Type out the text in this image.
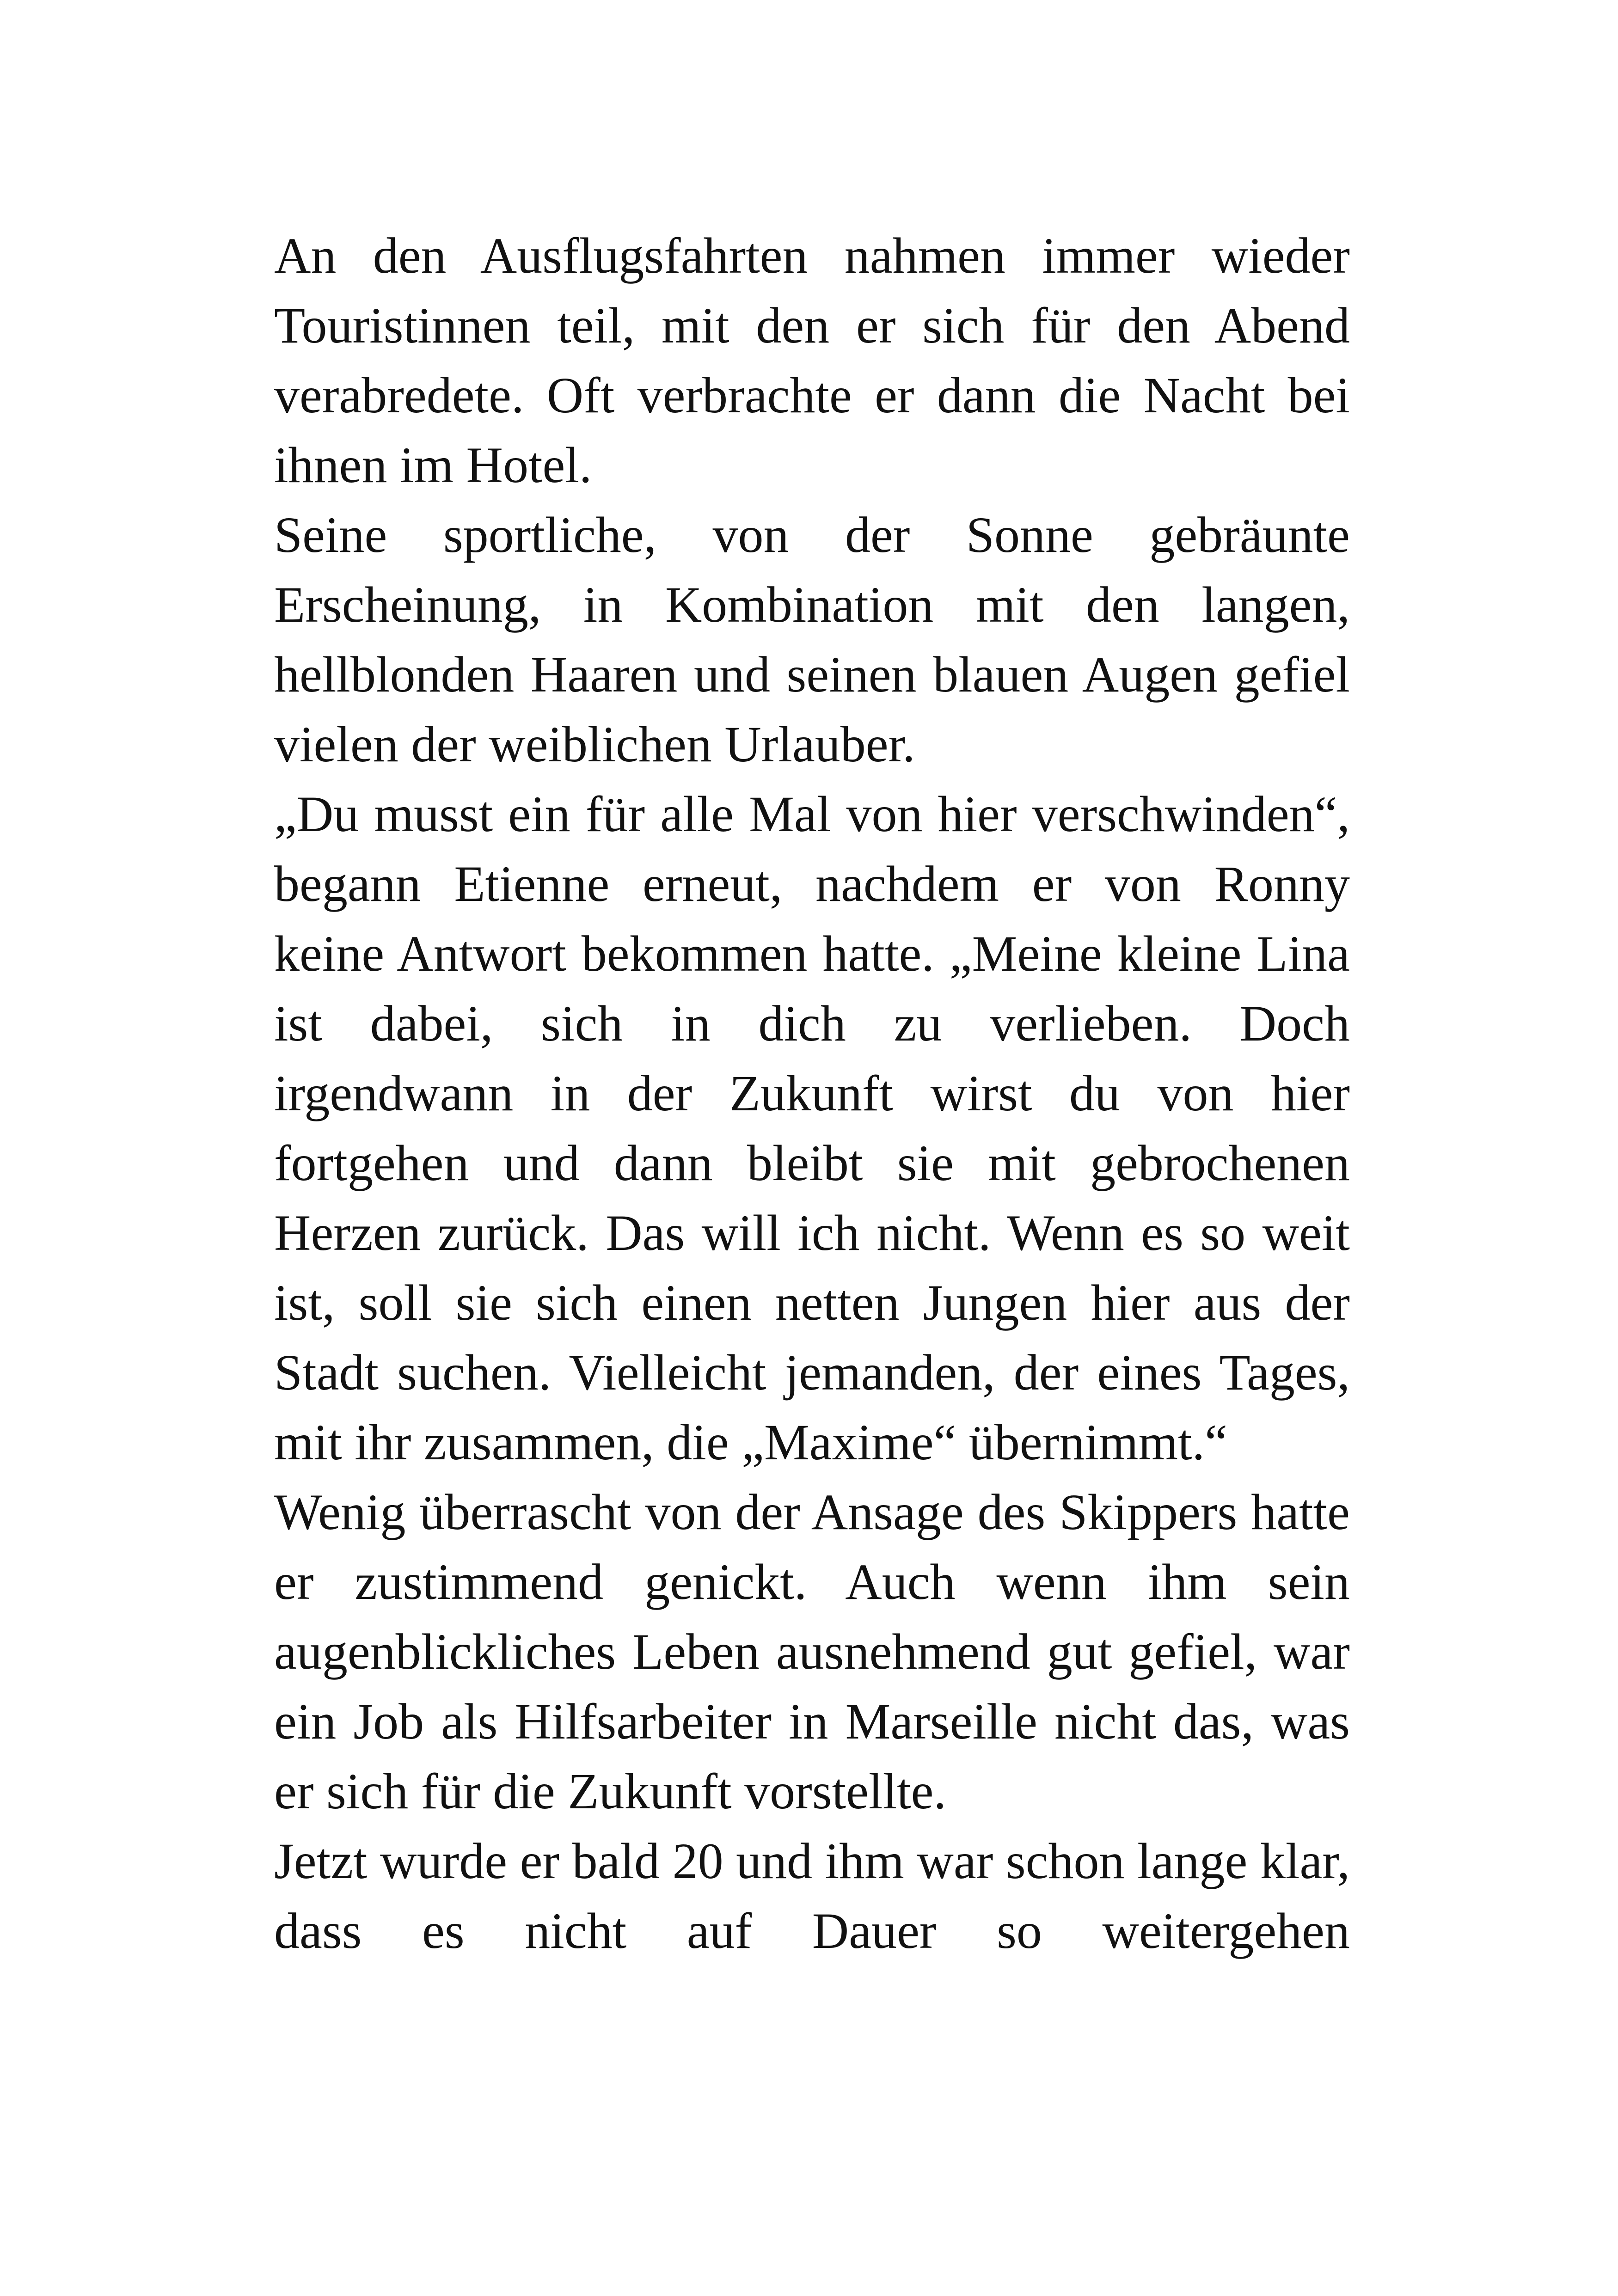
An den Ausflugsfahrten nahmen immer wieder Touristinnen teil, mit den er sich für den Abend verabredete. Oft verbrachte er dann die Nacht bei ihnen im Hotel.

Seine sportliche, von der Sonne gebräunte Erscheinung, in Kombination mit den langen, hellblonden Haaren und seinen blauen Augen gefiel vielen der weiblichen Urlauber.

„Du musst ein für alle Mal von hier verschwinden“, begann Etienne erneut, nachdem er von Ronny keine Antwort bekommen hatte. „Meine kleine Lina ist dabei, sich in dich zu verlieben. Doch irgendwann in der Zukunft wirst du von hier fortgehen und dann bleibt sie mit gebrochenen Herzen zurück. Das will ich nicht. Wenn es so weit ist, soll sie sich einen netten Jungen hier aus der Stadt suchen. Vielleicht jemanden, der eines Tages, mit ihr zusammen, die „Maxime“ übernimmt.“

Wenig überrascht von der Ansage des Skippers hatte er zustimmend genickt. Auch wenn ihm sein augenblickliches Leben ausnehmend gut gefiel, war ein Job als Hilfsarbeiter in Marseille nicht das, was er sich für die Zukunft vorstellte.

Jetzt wurde er bald 20 und ihm war schon lange klar, dass es nicht auf Dauer so weitergehen
